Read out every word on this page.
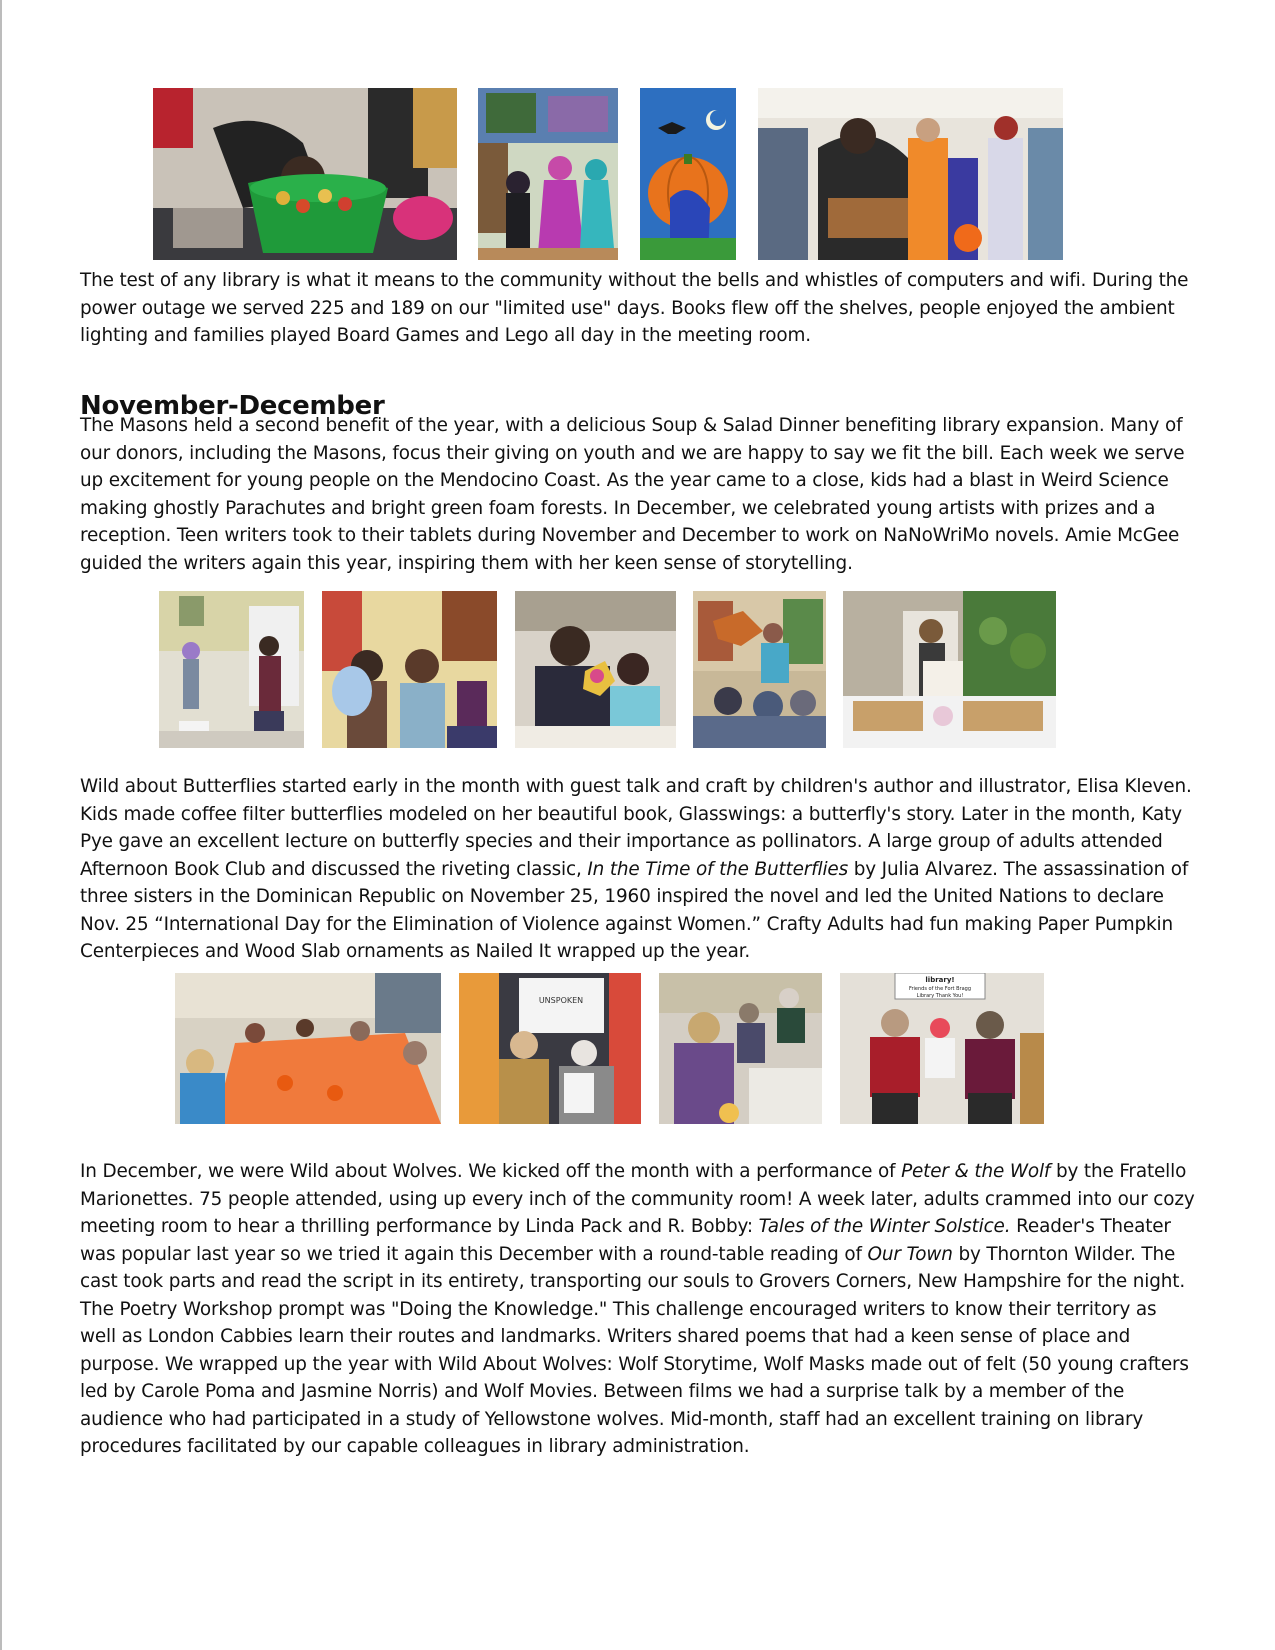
The test of any library is what it means to the community without the bells and whistles of computers and wifi. During the power outage we served 225 and 189 on our "limited use" days. Books flew off the shelves, people enjoyed the ambient lighting and families played Board Games and Lego all day in the meeting room.

November-December

The Masons held a second benefit of the year, with a delicious Soup & Salad Dinner benefiting library expansion. Many of our donors, including the Masons, focus their giving on youth and we are happy to say we fit the bill. Each week we serve up excitement for young people on the Mendocino Coast. As the year came to a close, kids had a blast in Weird Science making ghostly Parachutes and bright green foam forests. In December, we celebrated young artists with prizes and a reception. Teen writers took to their tablets during November and December to work on NaNoWriMo novels. Amie McGee guided the writers again this year, inspiring them with her keen sense of storytelling.

Wild about Butterflies started early in the month with guest talk and craft by children's author and illustrator, Elisa Kleven. Kids made coffee filter butterflies modeled on her beautiful book, Glasswings: a butterfly's story. Later in the month, Katy Pye gave an excellent lecture on butterfly species and their importance as pollinators. A large group of adults attended Afternoon Book Club and discussed the riveting classic, In the Time of the Butterflies by Julia Alvarez. The assassination of three sisters in the Dominican Republic on November 25, 1960 inspired the novel and led the United Nations to declare Nov. 25 “International Day for the Elimination of Violence against Women.” Crafty Adults had fun making Paper Pumpkin Centerpieces and Wood Slab ornaments as Nailed It wrapped up the year.

UNSPOKEN
library!
Friends of the Fort Bragg
Library Thank You!

In December, we were Wild about Wolves. We kicked off the month with a performance of Peter & the Wolf by the Fratello Marionettes. 75 people attended, using up every inch of the community room! A week later, adults crammed into our cozy meeting room to hear a thrilling performance by Linda Pack and R. Bobby: Tales of the Winter Solstice. Reader's Theater was popular last year so we tried it again this December with a round-table reading of Our Town by Thornton Wilder. The cast took parts and read the script in its entirety, transporting our souls to Grovers Corners, New Hampshire for the night. The Poetry Workshop prompt was "Doing the Knowledge." This challenge encouraged writers to know their territory as well as London Cabbies learn their routes and landmarks. Writers shared poems that had a keen sense of place and purpose. We wrapped up the year with Wild About Wolves: Wolf Storytime, Wolf Masks made out of felt (50 young crafters led by Carole Poma and Jasmine Norris) and Wolf Movies. Between films we had a surprise talk by a member of the audience who had participated in a study of Yellowstone wolves. Mid-month, staff had an excellent training on library procedures facilitated by our capable colleagues in library administration.
